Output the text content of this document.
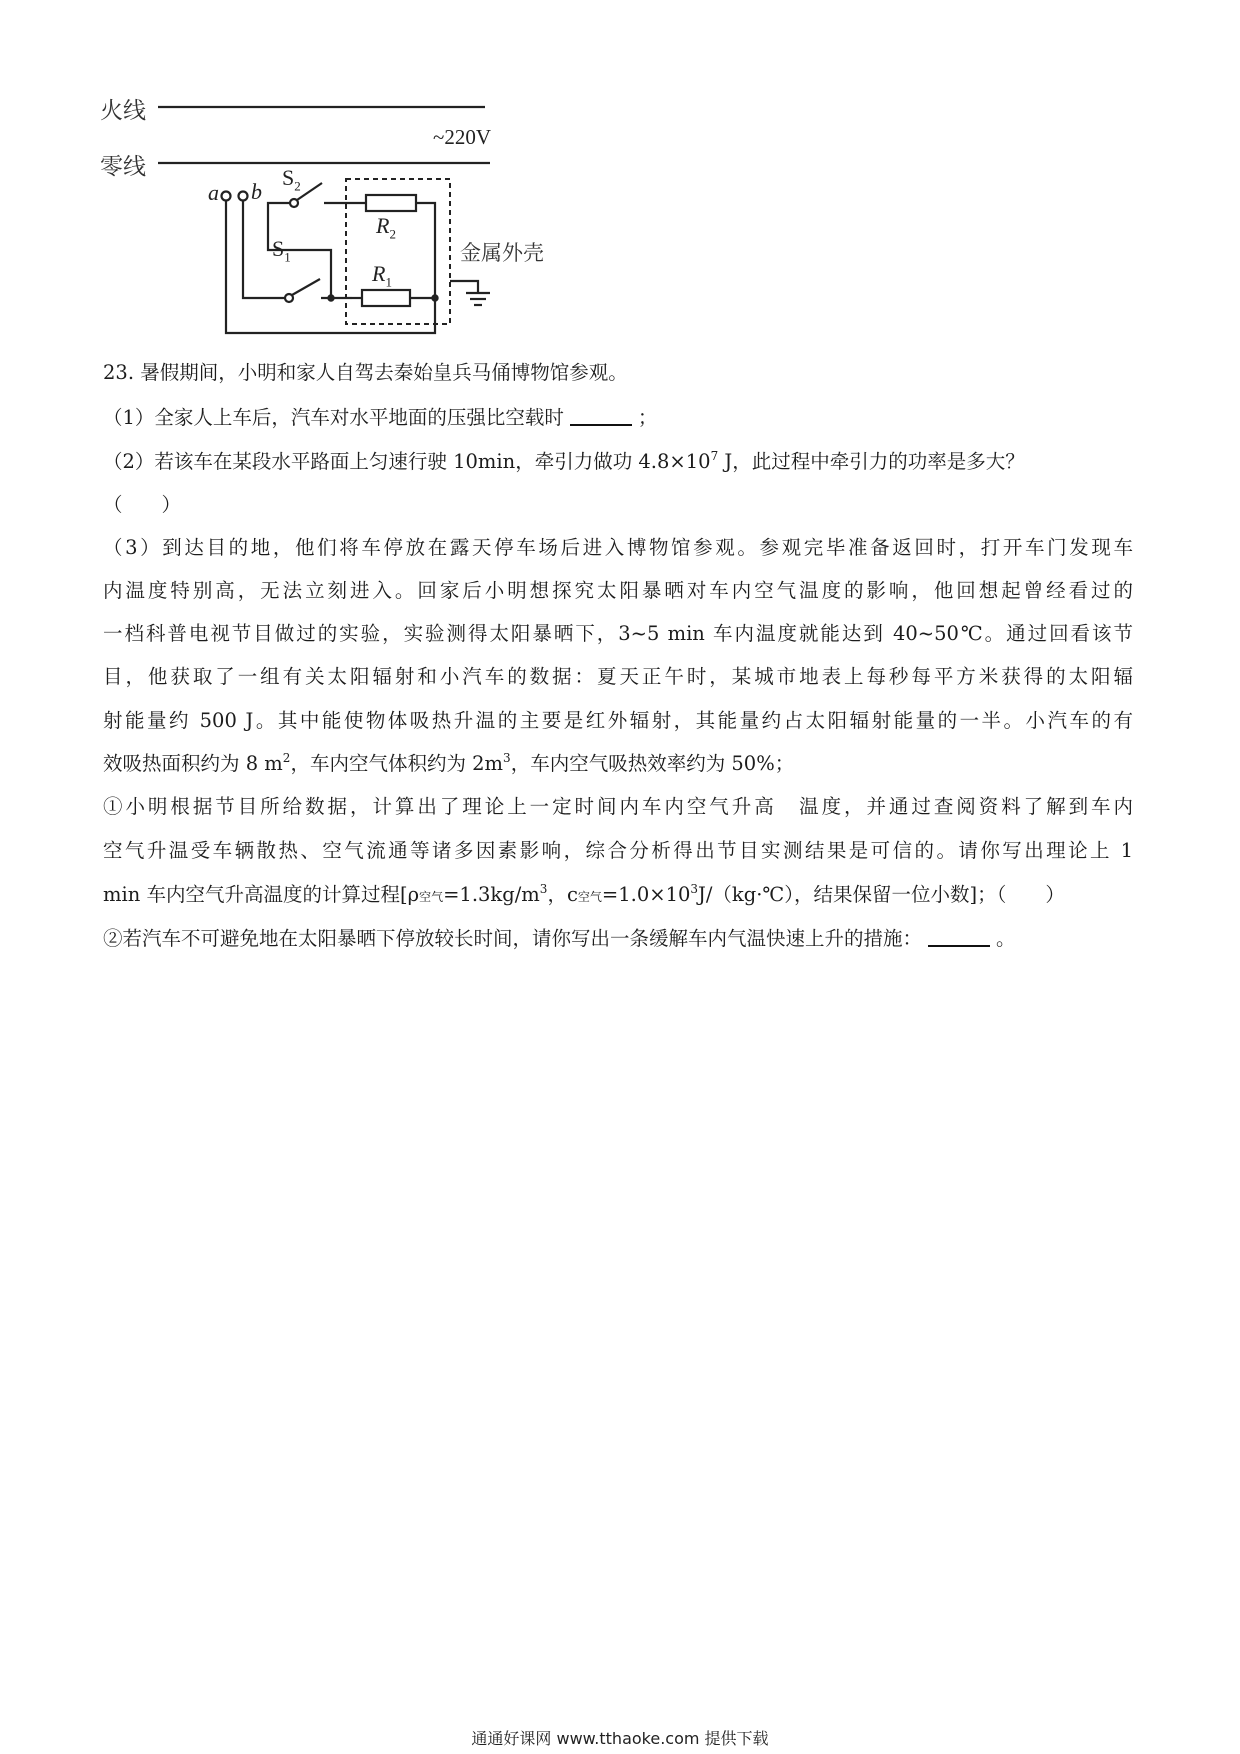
火线
零线
~220V
a b
$S_2$
$S_1$
$R_2$
$R_1$
金属外壳
23. 暑假期间，小明和家人自驾去秦始皇兵马俑博物馆参观。
（1）全家人上车后，汽车对水平地面的压强比空载时	；
（2）若该车在某段水平路面上匀速行驶 10min，牵引力做功 $4.8\times 10^7$ J，此过程中牵引力的功率是多大？
（　　）
（3）到达目的地，他们将车停放在露天停车场后进入博物馆参观。参观完毕准备返回时，打开车门发现车
内温度特别高，无法立刻进入。回家后小明想探究太阳暴晒对车内空气温度的影响，他回想起曾经看过的
一档科普电视节目做过的实验，实验测得太阳暴晒下，3~5 min 车内温度就能达到 40~50℃。通过回看该节
目，他获取了一组有关太阳辐射和小汽车的数据：夏天正午时，某城市地表上每秒每平方米获得的太阳辐
射能量约 500 J。其中能使物体吸热升温的主要是红外辐射，其能量约占太阳辐射能量的一半。小汽车的有
效吸热面积约为 8 $m^2$，车内空气体积约为 $2m^3$，车内空气吸热效率约为 50%；
①小明根据节目所给数据，计算出了理论上一定时间内车内空气升高　温度，并通过查阅资料了解到车内
空气升温受车辆散热、空气流通等诸多因素影响，综合分析得出节目实测结果是可信的。请你写出理论上 1
min 车内空气升高温度的计算过程[ρ空气$=1.3kg/m^3$，c空气$=1.0\times 10^3J/(kg\cdot℃)$，结果保留一位小数]；（　　）
②若汽车不可避免地在太阳暴晒下停放较长时间，请你写出一条缓解车内气温快速上升的措施：	。
通通好课网 www.tthaoke.com 提供下载
